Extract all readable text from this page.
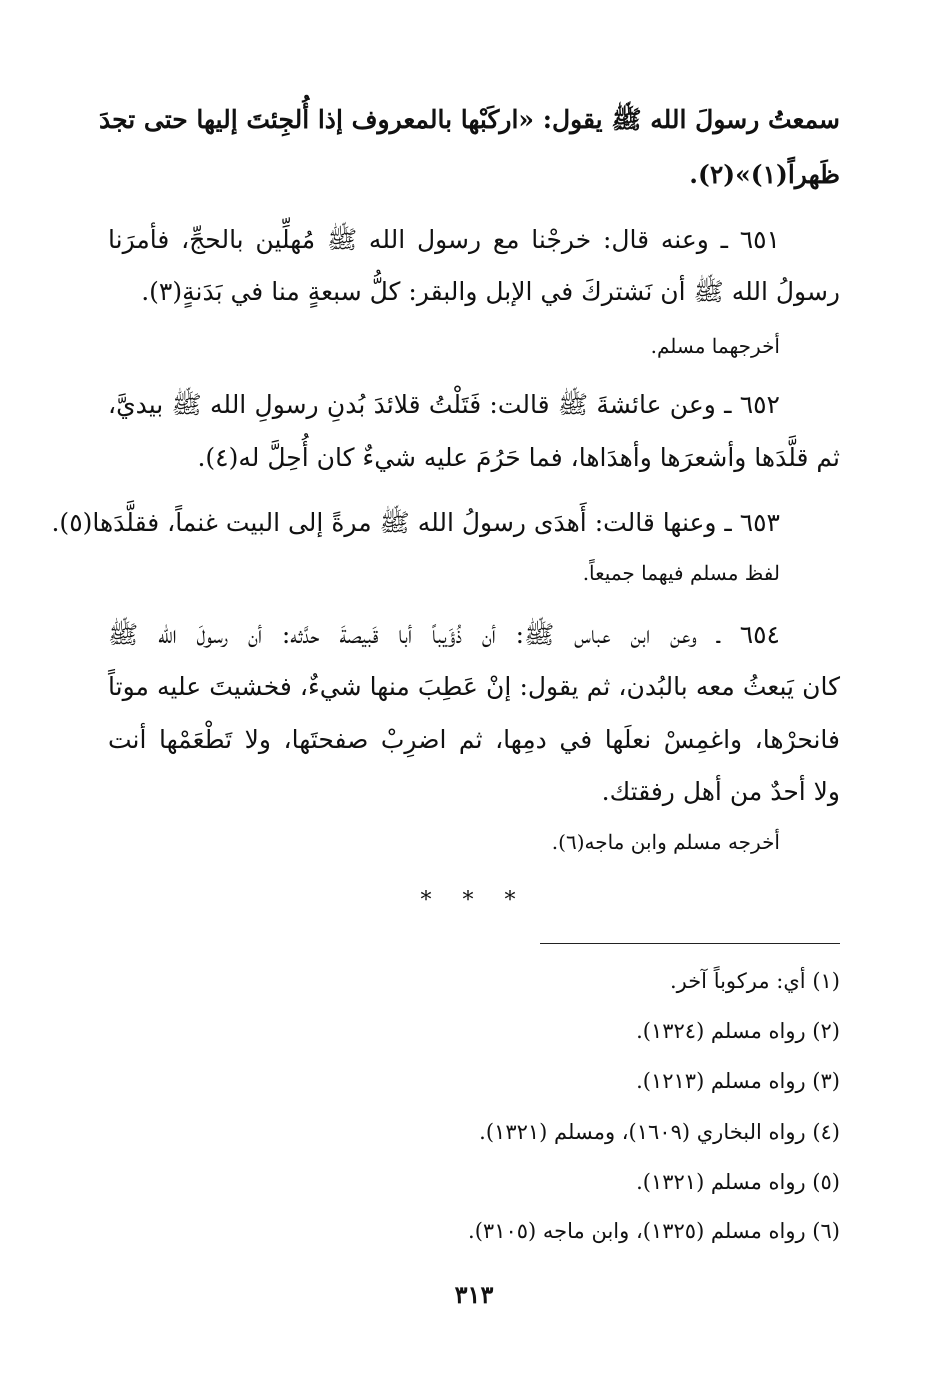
سمعتُ رسولَ الله ﷺ يقول: «اركَبْها بالمعروف إذا أُلجِئتَ إليها حتى تجدَ
ظَهراً(١)»(٢).
٦٥١ ـ وعنه قال: خرجْنا مع رسول الله ﷺ مُهلِّين بالحجِّ، فأمرَنا
رسولُ الله ﷺ أن نَشتركَ في الإبل والبقر: كلُّ سبعةٍ منا في بَدَنةٍ(٣).
أخرجهما مسلم.
٦٥٢ ـ وعن عائشةَ ﷺ قالت: فَتَلْتُ قلائدَ بُدنِ رسولِ الله ﷺ بيديَّ،
ثم قلَّدَها وأشعرَها وأهدَاها، فما حَرُمَ عليه شيءٌ كان أُحِلَّ له(٤).
٦٥٣ ـ وعنها قالت: أَهدَى رسولُ الله ﷺ مرةً إلى البيت غنماً، فقلَّدَها(٥).
لفظ مسلم فيهما جميعاً.
٦٥٤ ـ وعن ابن عباس ﷺ: أن ذُؤَيباً أبا قَبيصةَ حدَّثه: أن رسولَ الله ﷺ
كان يَبعثُ معه بالبُدن، ثم يقول: إنْ عَطِبَ منها شيءٌ، فخشيتَ عليه موتاً
فانحرْها، واغمِسْ نعلَها في دمِها، ثم اضرِبْ صفحتَها، ولا تَطْعَمْها أنت
ولا أحدٌ من أهل رفقتك.
أخرجه مسلم وابن ماجه(٦).
* * *
(١) أي: مركوباً آخر.
(٢) رواه مسلم (١٣٢٤).
(٣) رواه مسلم (١٢١٣).
(٤) رواه البخاري (١٦٠٩)، ومسلم (١٣٢١).
(٥) رواه مسلم (١٣٢١).
(٦) رواه مسلم (١٣٢٥)، وابن ماجه (٣١٠٥).
٣١٣
